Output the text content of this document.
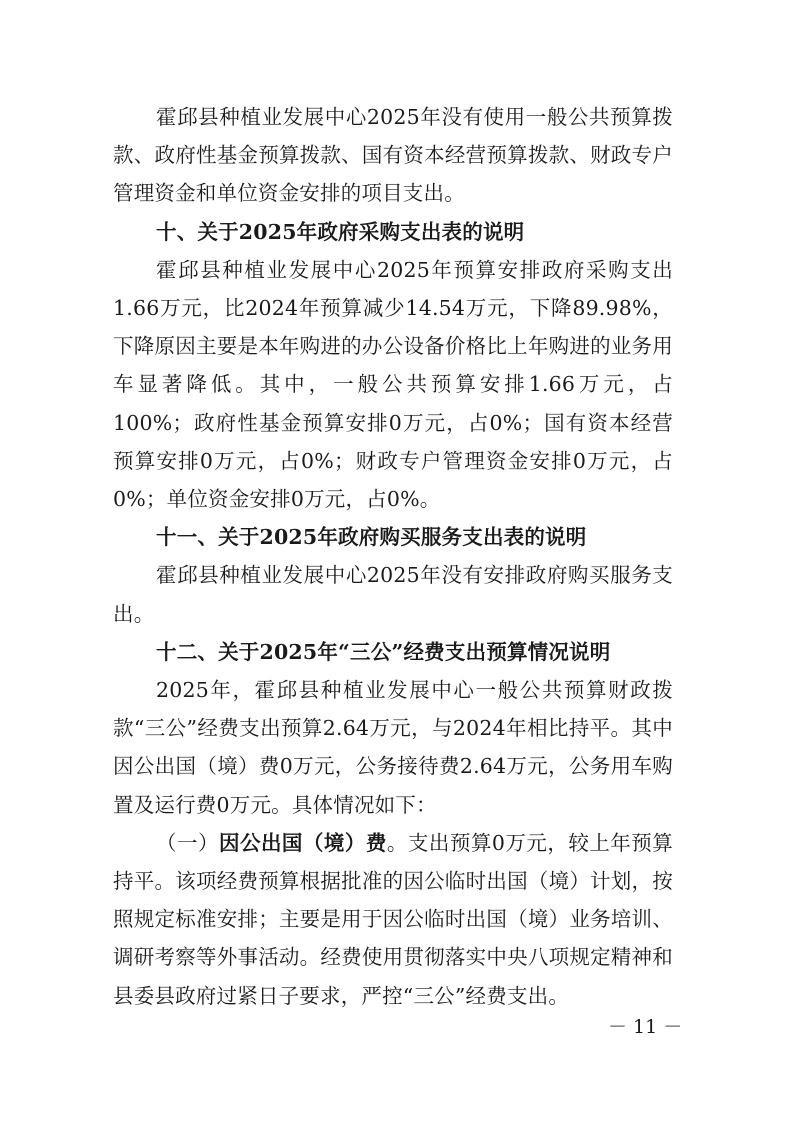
霍邱县种植业发展中心2025年没有使用一般公共预算拨款、政府性基金预算拨款、国有资本经营预算拨款、财政专户管理资金和单位资金安排的项目支出。

十、关于2025年政府采购支出表的说明

霍邱县种植业发展中心2025年预算安排政府采购支出1.66万元，比2024年预算减少14.54万元，下降89.98%，下降原因主要是本年购进的办公设备价格比上年购进的业务用车显著降低。其中，一般公共预算安排1.66万元，占100%；政府性基金预算安排0万元，占0%；国有资本经营预算安排0万元，占0%；财政专户管理资金安排0万元，占0%；单位资金安排0万元，占0%。

十一、关于2025年政府购买服务支出表的说明

霍邱县种植业发展中心2025年没有安排政府购买服务支出。

十二、关于2025年“三公”经费支出预算情况说明

2025年，霍邱县种植业发展中心一般公共预算财政拨款“三公”经费支出预算2.64万元，与2024年相比持平。其中因公出国（境）费0万元，公务接待费2.64万元，公务用车购置及运行费0万元。具体情况如下：

（一）因公出国（境）费。支出预算0万元，较上年预算持平。该项经费预算根据批准的因公临时出国（境）计划，按照规定标准安排；主要是用于因公临时出国（境）业务培训、调研考察等外事活动。经费使用贯彻落实中央八项规定精神和县委县政府过紧日子要求，严控“三公”经费支出。

－ 11 －
